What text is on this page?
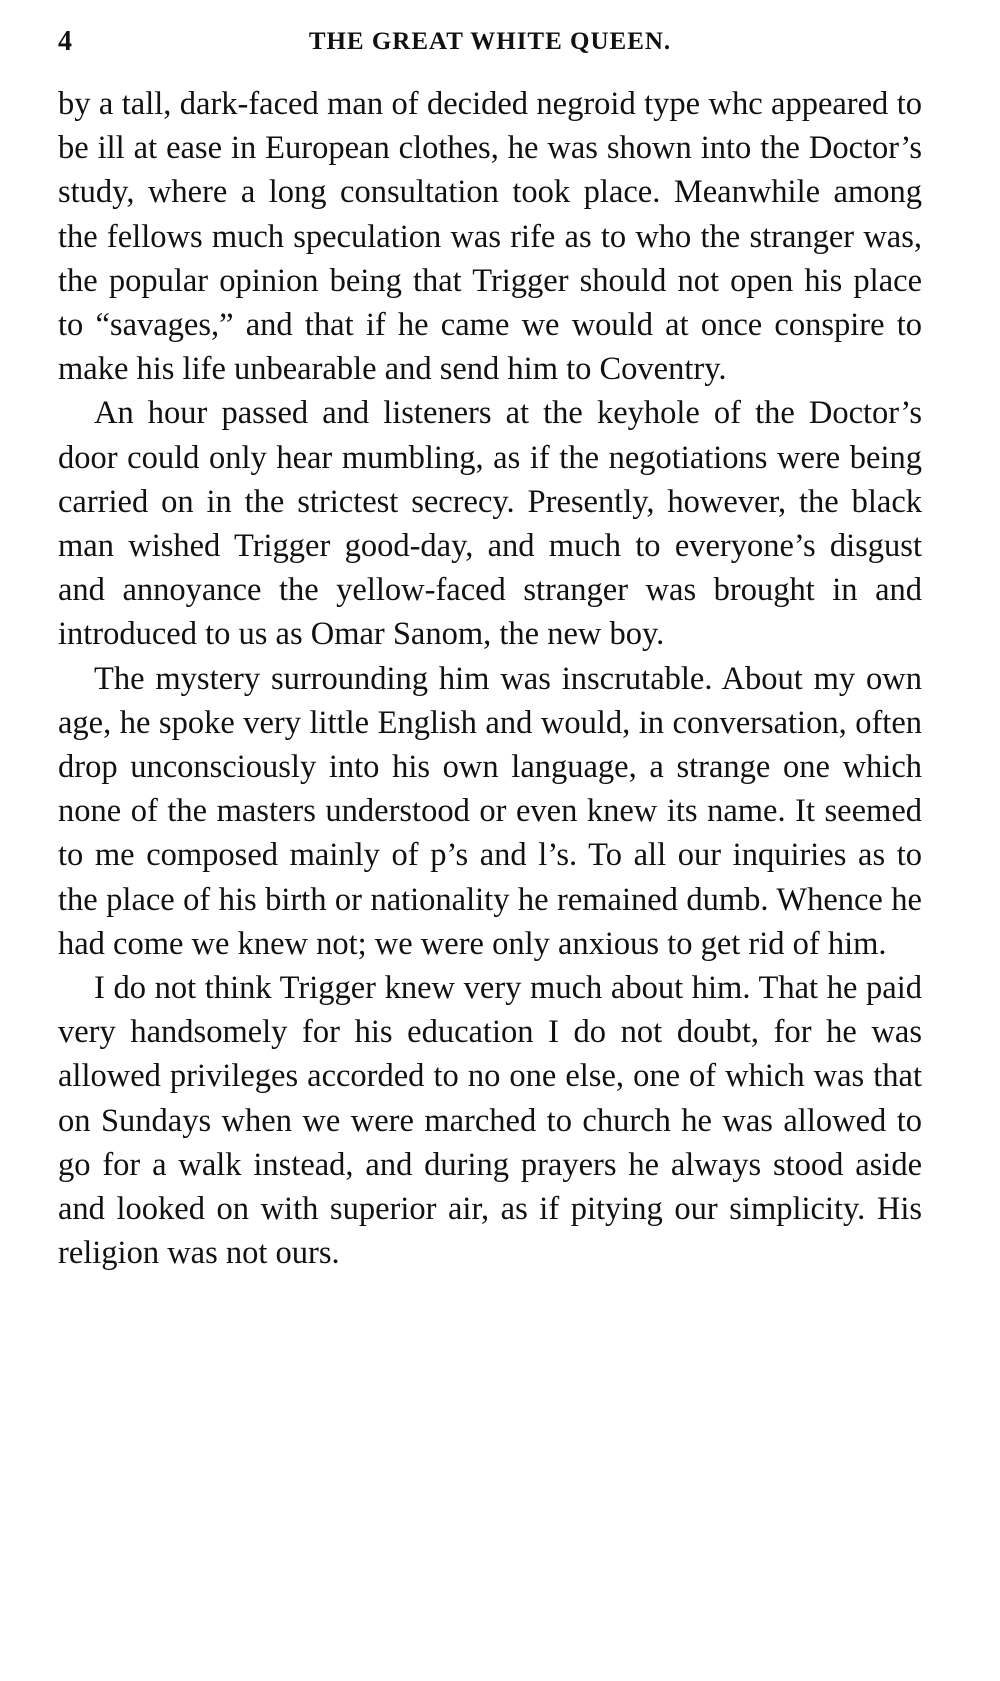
4	THE GREAT WHITE QUEEN.

by a tall, dark-faced man of decided negroid type whc appeared to be ill at ease in European clothes, he was shown into the Doctor’s study, where a long consultation took place. Meanwhile among the fellows much speculation was rife as to who the stranger was, the popular opinion being that Trigger should not open his place to “savages,” and that if he came we would at once conspire to make his life unbearable and send him to Coventry.

An hour passed and listeners at the keyhole of the Doctor’s door could only hear mumbling, as if the negotiations were being carried on in the strictest secrecy. Presently, however, the black man wished Trigger good-day, and much to everyone’s disgust and annoyance the yellow-faced stranger was brought in and introduced to us as Omar Sanom, the new boy.

The mystery surrounding him was inscrutable. About my own age, he spoke very little English and would, in conversation, often drop unconsciously into his own language, a strange one which none of the masters understood or even knew its name. It seemed to me composed mainly of p’s and l’s. To all our inquiries as to the place of his birth or nationality he remained dumb. Whence he had come we knew not; we were only anxious to get rid of him.

I do not think Trigger knew very much about him. That he paid very handsomely for his education I do not doubt, for he was allowed privileges accorded to no one else, one of which was that on Sundays when we were marched to church he was allowed to go for a walk instead, and during prayers he always stood aside and looked on with superior air, as if pitying our simplicity. His religion was not ours.
